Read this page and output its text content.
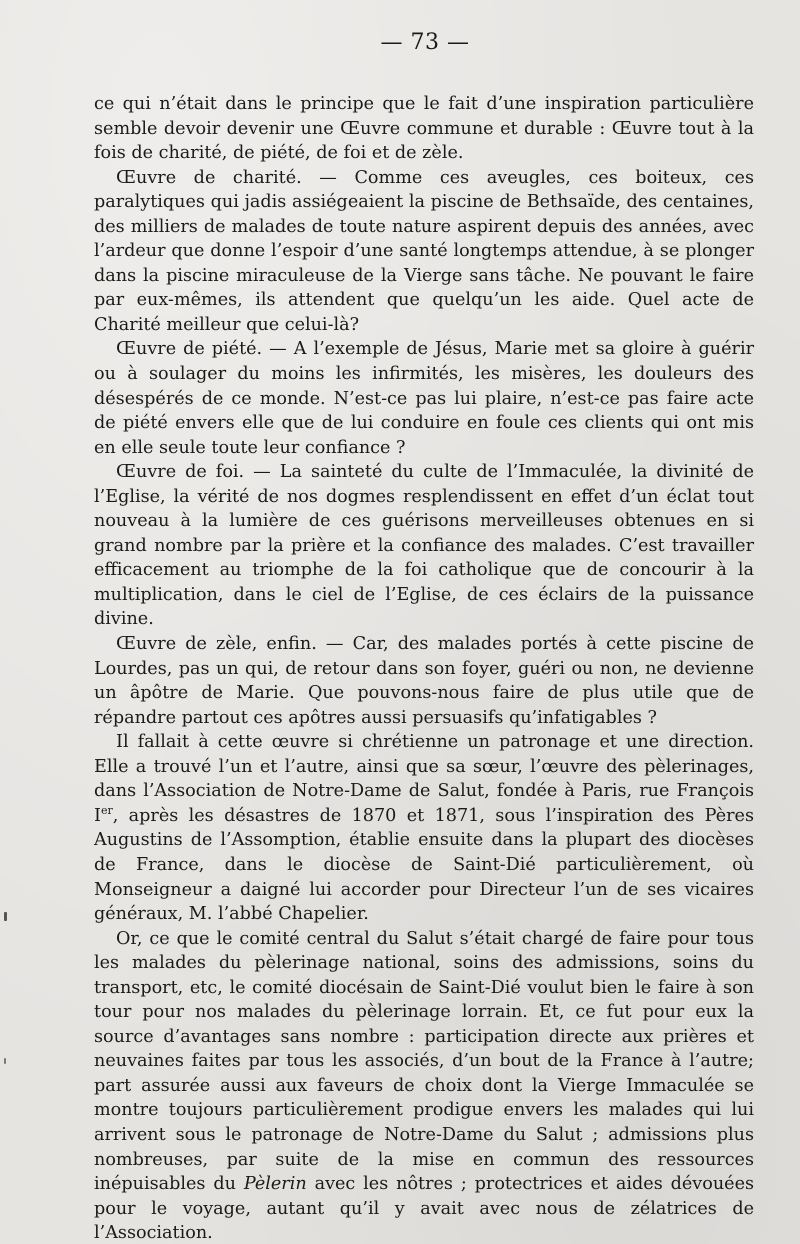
— 73 —

ce qui n’était dans le principe que le fait d’une inspiration particulière semble devoir devenir une Œuvre commune et durable : Œuvre tout à la fois de charité, de piété, de foi et de zèle.

Œuvre de charité. — Comme ces aveugles, ces boiteux, ces paralytiques qui jadis assiégeaient la piscine de Bethsaïde, des centaines, des milliers de malades de toute nature aspirent depuis des années, avec l’ardeur que donne l’espoir d’une santé longtemps attendue, à se plonger dans la piscine miraculeuse de la Vierge sans tâche. Ne pouvant le faire par eux-mêmes, ils attendent que quelqu’un les aide. Quel acte de Charité meilleur que celui-là?

Œuvre de piété. — A l’exemple de Jésus, Marie met sa gloire à guérir ou à soulager du moins les infirmités, les misères, les douleurs des désespérés de ce monde. N’est-ce pas lui plaire, n’est-ce pas faire acte de piété envers elle que de lui conduire en foule ces clients qui ont mis en elle seule toute leur confiance ?

Œuvre de foi. — La sainteté du culte de l’Immaculée, la divinité de l’Eglise, la vérité de nos dogmes resplendissent en effet d’un éclat tout nouveau à la lumière de ces guérisons merveilleuses obtenues en si grand nombre par la prière et la confiance des malades. C’est travailler efficacement au triomphe de la foi catholique que de concourir à la multiplication, dans le ciel de l’Eglise, de ces éclairs de la puissance divine.

Œuvre de zèle, enfin. — Car, des malades portés à cette piscine de Lourdes, pas un qui, de retour dans son foyer, guéri ou non, ne devienne un âpôtre de Marie. Que pouvons-nous faire de plus utile que de répandre partout ces apôtres aussi persuasifs qu’infatigables ?

Il fallait à cette œuvre si chrétienne un patronage et une direction. Elle a trouvé l’un et l’autre, ainsi que sa sœur, l’œuvre des pèlerinages, dans l’Association de Notre-Dame de Salut, fondée à Paris, rue François Ier, après les désastres de 1870 et 1871, sous l’inspiration des Pères Augustins de l’Assomption, établie ensuite dans la plupart des diocèses de France, dans le diocèse de Saint-Dié particulièrement, où Monseigneur a daigné lui accorder pour Directeur l’un de ses vicaires généraux, M. l’abbé Chapelier.

Or, ce que le comité central du Salut s’était chargé de faire pour tous les malades du pèlerinage national, soins des admissions, soins du transport, etc, le comité diocésain de Saint-Dié voulut bien le faire à son tour pour nos malades du pèlerinage lorrain. Et, ce fut pour eux la source d’avantages sans nombre : participation directe aux prières et neuvaines faites par tous les associés, d’un bout de la France à l’autre; part assurée aussi aux faveurs de choix dont la Vierge Immaculée se montre toujours particulièrement prodigue envers les malades qui lui arrivent sous le patronage de Notre-Dame du Salut ; admissions plus nombreuses, par suite de la mise en commun des ressources inépuisables du Pèlerin avec les nôtres ; protectrices et aides dévouées pour le voyage, autant qu’il y avait avec nous de zélatrices de l’Association.
